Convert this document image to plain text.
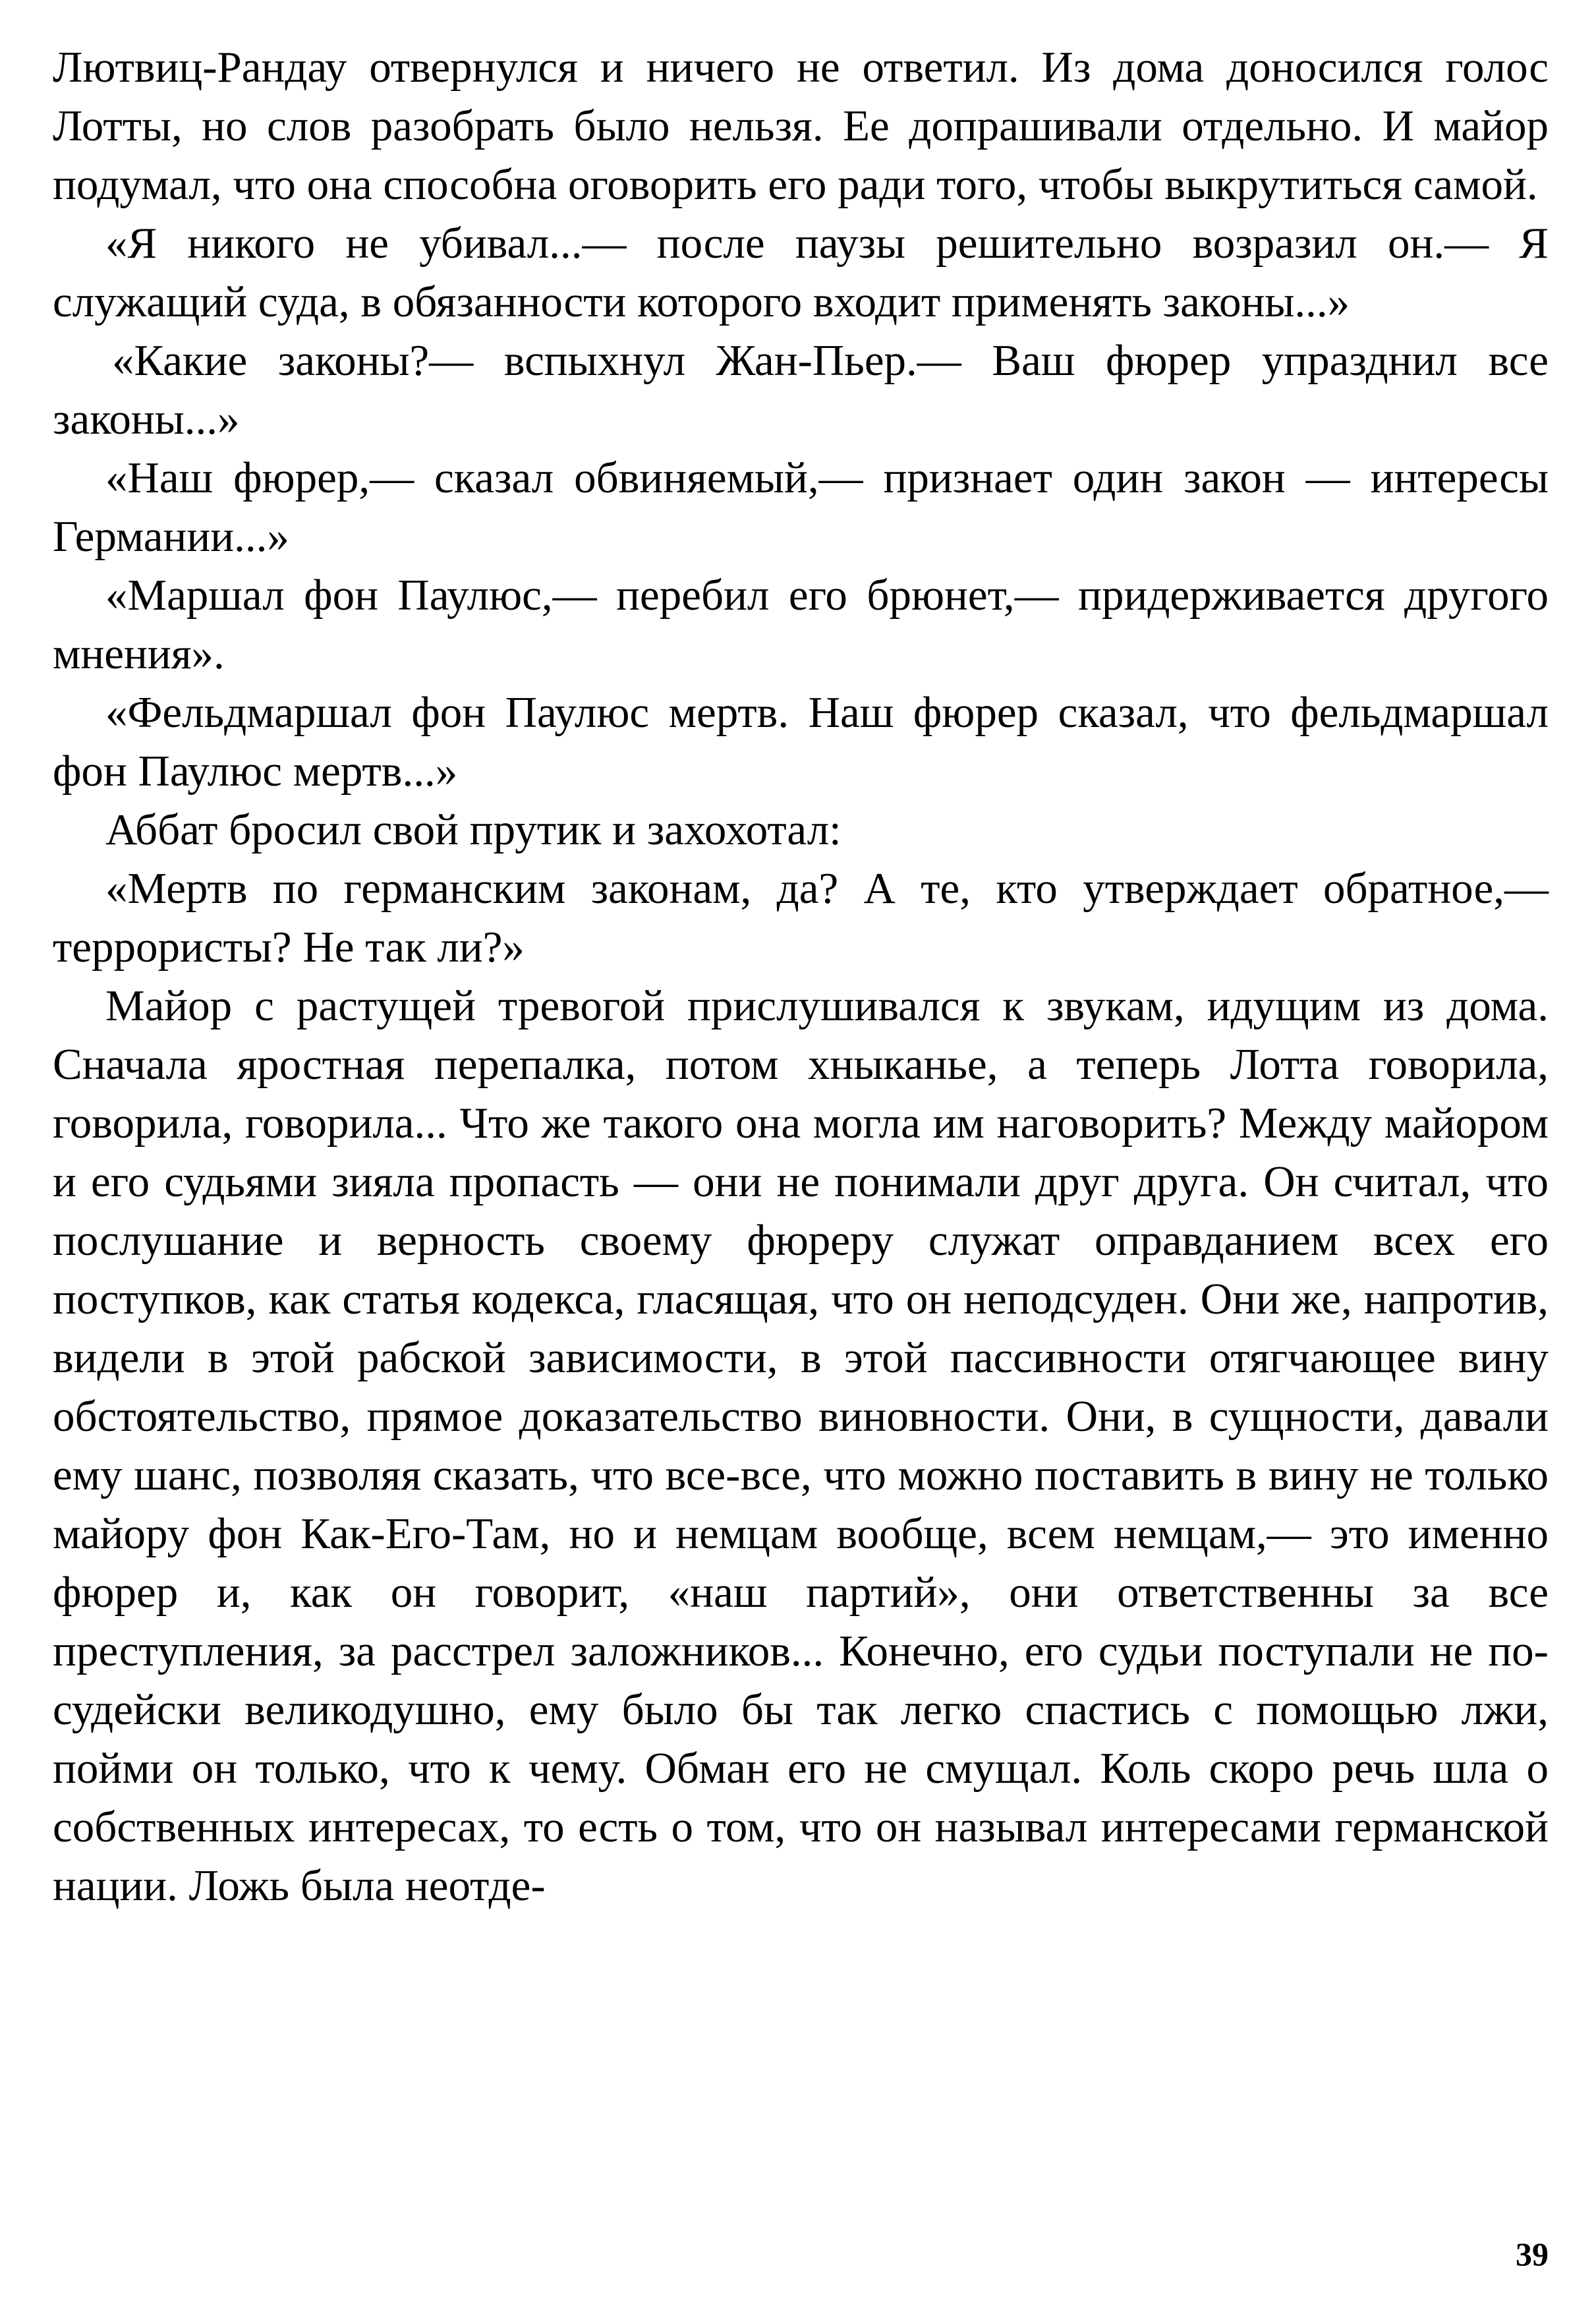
Лютвиц-Рандау отвернулся и ничего не ответил. Из дома доносился голос Лотты, но слов разобрать было нельзя. Ее допрашивали отдельно. И майор подумал, что она способна оговорить его ради того, чтобы выкрутиться самой.

«Я никого не убивал...— после паузы решительно возразил он.— Я служащий суда, в обязанности которого входит применять законы...»

«Какие законы?— вспыхнул Жан-Пьер.— Ваш фюрер упразднил все законы...»

«Наш фюрер,— сказал обвиняемый,— признает один закон — интересы Германии...»

«Маршал фон Паулюс,— перебил его брюнет,— придерживается другого мнения».

«Фельдмаршал фон Паулюс мертв. Наш фюрер сказал, что фельдмаршал фон Паулюс мертв...»

Аббат бросил свой прутик и захохотал:

«Мертв по германским законам, да? А те, кто утверждает обратное,— террористы? Не так ли?»

Майор с растущей тревогой прислушивался к звукам, идущим из дома. Сначала яростная перепалка, потом хныканье, а теперь Лотта говорила, говорила, говорила... Что же такого она могла им наговорить? Между майором и его судьями зияла пропасть — они не понимали друг друга. Он считал, что послушание и верность своему фюреру служат оправданием всех его поступков, как статья кодекса, гласящая, что он неподсуден. Они же, напротив, видели в этой рабской зависимости, в этой пассивности отягчающее вину обстоятельство, прямое доказательство виновности. Они, в сущности, давали ему шанс, позволяя сказать, что все-все, что можно поставить в вину не только майору фон Как-Его-Там, но и немцам вообще, всем немцам,— это именно фюрер и, как он говорит, «наш партий», они ответственны за все преступления, за расстрел заложников... Конечно, его судьи поступали не по-судейски великодушно, ему было бы так легко спастись с помощью лжи, пойми он только, что к чему. Обман его не смущал. Коль скоро речь шла о собственных интересах, то есть о том, что он называл интересами германской нации. Ложь была неотде-

39
